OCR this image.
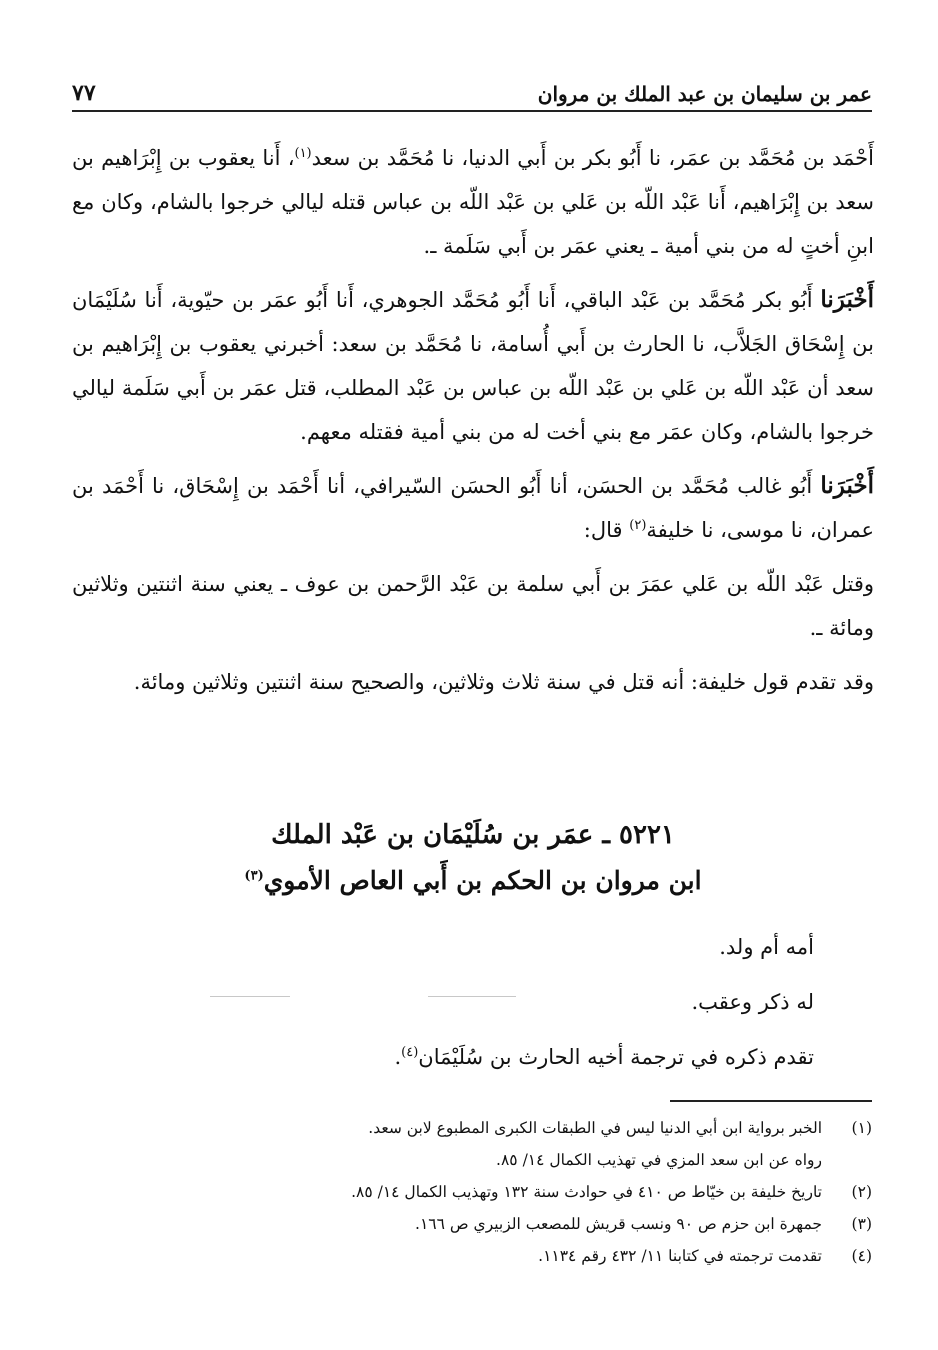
عمر بن سليمان بن عبد الملك بن مروان
٧٧

أَحْمَد بن مُحَمَّد بن عمَر، نا أَبُو بكر بن أَبي الدنيا، نا مُحَمَّد بن سعد$^{(١)}$، أَنا يعقوب بن إِبْرَاهيم بن سعد بن إِبْرَاهيم، أَنا عَبْد اللّه بن عَلي بن عَبْد اللّه بن عباس قتله ليالي خرجوا بالشام، وكان مع ابنِ أختٍ له من بني أمية ـ يعني عمَر بن أَبي سَلَمة ـ.

أَخْبَرَنا أَبُو بكر مُحَمَّد بن عَبْد الباقي، أَنا أَبُو مُحَمَّد الجوهري، أَنا أَبُو عمَر بن حيّوية، أَنا سُلَيْمَان بن إِسْحَاق الجَلاَّب، نا الحارث بن أَبي أُسامة، نا مُحَمَّد بن سعد: أخبرني يعقوب بن إِبْرَاهيم بن سعد أن عَبْد اللّه بن عَلي بن عَبْد اللّه بن عباس بن عَبْد المطلب، قتل عمَر بن أَبي سَلَمة ليالي خرجوا بالشام، وكان عمَر مع بني أخت له من بني أمية فقتله معهم.

أَخْبَرَنا أَبُو غالب مُحَمَّد بن الحسَن، أنا أَبُو الحسَن السّيرافي، أنا أَحْمَد بن إِسْحَاق، نا أَحْمَد بن عمران، نا موسى، نا خليفة$^{(٢)}$ قال:

وقتل عَبْد اللّه بن عَلي عمَرَ بن أَبي سلمة بن عَبْد الرَّحمن بن عوف ـ يعني سنة اثنتين وثلاثين ومائة ـ.

وقد تقدم قول خليفة: أنه قتل في سنة ثلاث وثلاثين، والصحيح سنة اثنتين وثلاثين ومائة.

٥٢٢١ ـ عمَر بن سُلَيْمَان بن عَبْد الملك
ابن مروان بن الحكم بن أَبي العاص الأموي$^{(٣)}$
أمه أم ولد.
له ذكر وعقب.
تقدم ذكره في ترجمة أخيه الحارث بن سُلَيْمَان$^{(٤)}$.
(١)
الخبر برواية ابن أبي الدنيا ليس في الطبقات الكبرى المطبوع لابن سعد.
رواه عن ابن سعد المزي في تهذيب الكمال ١٤/ ٨٥.
(٢)
تاريخ خليفة بن خيّاط ص ٤١٠ في حوادث سنة ١٣٢ وتهذيب الكمال ١٤/ ٨٥.
(٣)
جمهرة ابن حزم ص ٩٠ ونسب قريش للمصعب الزبيري ص ١٦٦.
(٤)
تقدمت ترجمته في كتابنا ١١/ ٤٣٢ رقم ١١٣٤.
